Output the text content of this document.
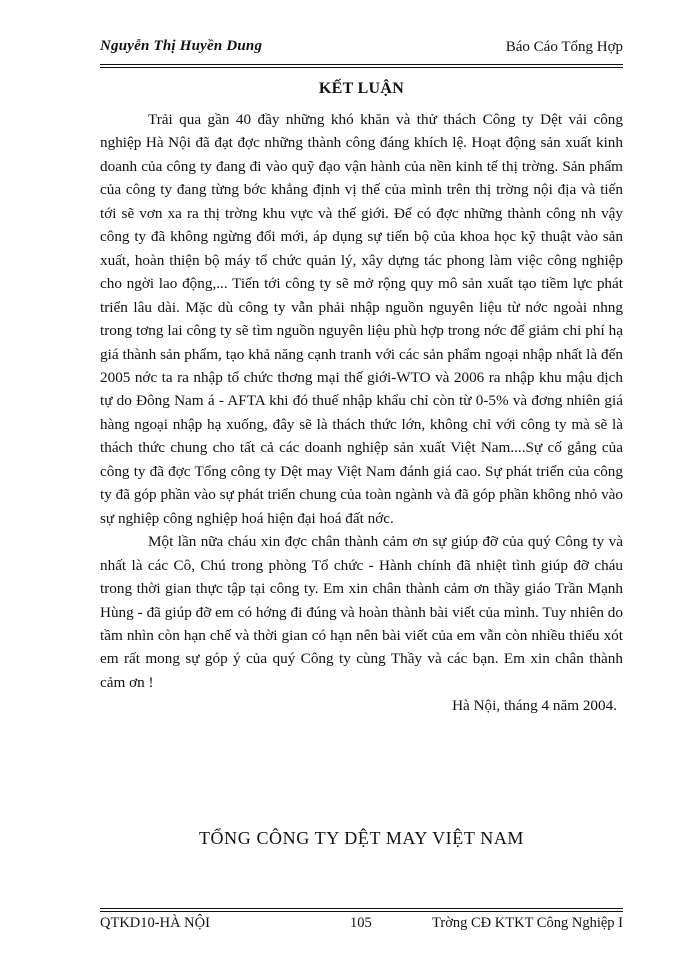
Nguyễn Thị Huyền Dung	Báo Cáo Tổng Hợp
KẾT LUẬN

Trải qua gần 40 đầy những khó khăn và thử thách Công ty Dệt vải công nghiệp Hà Nội đã đạt đợc những thành công đáng khích lệ. Hoạt động sản xuất kinh doanh của công ty đang đi vào quỹ đạo vận hành của nền kinh tế thị trờng. Sản phẩm của công ty đang từng bớc khẳng định vị thế của mình trên thị trờng nội địa và tiến tới sẽ vơn xa ra thị trờng khu vực và thế giới. Để có đợc những thành công nh vậy công ty đã không ngừng đổi mới, áp dụng sự tiến bộ của khoa học kỹ thuật vào sản xuất, hoàn thiện bộ máy tổ chức quản lý, xây dựng tác phong làm việc công nghiệp cho ngời lao động,... Tiến tới công ty sẽ mở rộng quy mô sản xuất tạo tiềm lực phát triển lâu dài. Mặc dù công ty vẫn phải nhập nguồn nguyên liệu từ nớc ngoài nhng trong tơng lai công ty sẽ tìm nguồn nguyên liệu phù hợp trong nớc để giảm chi phí hạ giá thành sản phẩm, tạo khả năng cạnh tranh với các sản phẩm ngoại nhập nhất là đến 2005 nớc ta ra nhập tổ chức thơng mại thế giới-WTO và 2006 ra nhập khu mậu dịch tự do Đông Nam á - AFTA khi đó thuế nhập khẩu chỉ còn từ 0-5% và đơng nhiên giá hàng ngoại nhập hạ xuống, đây sẽ là thách thức lớn, không chỉ với công ty mà sẽ là thách thức chung cho tất cả các doanh nghiệp sản xuất Việt Nam....Sự cố gắng của công ty đã đợc Tổng công ty Dệt may Việt Nam đánh giá cao. Sự phát triển của công ty đã góp phần vào sự phát triển chung của toàn ngành và đã góp phần không nhỏ vào sự nghiệp công nghiệp hoá hiện đại hoá đất nớc.

Một lần nữa cháu xin đợc chân thành cảm ơn sự giúp đỡ của quý Công ty và nhất là các Cô, Chú trong phòng Tổ chức - Hành chính đã nhiệt tình giúp đỡ cháu trong thời gian thực tập tại công ty. Em xin chân thành cảm ơn thầy giáo Trần Mạnh Hùng - đã giúp đỡ em có hớng đi đúng và hoàn thành bài viết của mình. Tuy nhiên do tầm nhìn còn hạn chế và thời gian có hạn nên bài viết của em vẫn còn nhiều thiếu xót em rất mong sự góp ý của quý Công ty cùng Thầy và các bạn. Em xin chân thành cảm ơn !

Hà Nội, tháng 4 năm 2004.

TỔNG CÔNG TY DỆT MAY VIỆT NAM
QTKD10-HÀ NỘI	105	Trờng CĐ KTKT Công Nghiệp I
